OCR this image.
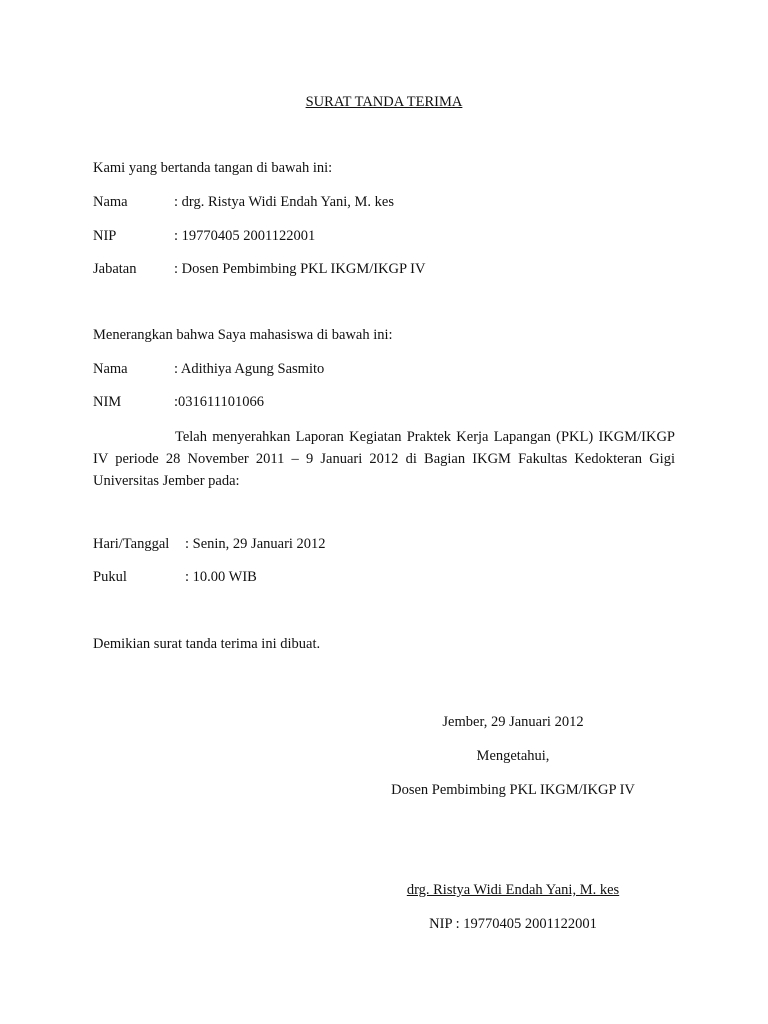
SURAT TANDA TERIMA
Kami yang bertanda tangan di bawah ini:
Nama	: drg. Ristya Widi Endah Yani, M. kes
NIP	: 19770405 2001122001
Jabatan	: Dosen Pembimbing PKL IKGM/IKGP IV
Menerangkan bahwa Saya mahasiswa di bawah ini:
Nama	: Adithiya Agung Sasmito
NIM	:031611101066
Telah menyerahkan Laporan Kegiatan Praktek Kerja Lapangan (PKL) IKGM/IKGP IV periode 28 November 2011 – 9 Januari 2012 di Bagian IKGM Fakultas Kedokteran Gigi Universitas Jember pada:
Hari/Tanggal : Senin, 29 Januari 2012
Pukul	: 10.00 WIB
Demikian surat tanda terima ini dibuat.
Jember, 29 Januari 2012
Mengetahui,
Dosen Pembimbing PKL IKGM/IKGP IV
drg. Ristya Widi Endah Yani, M. kes
NIP : 19770405 2001122001
